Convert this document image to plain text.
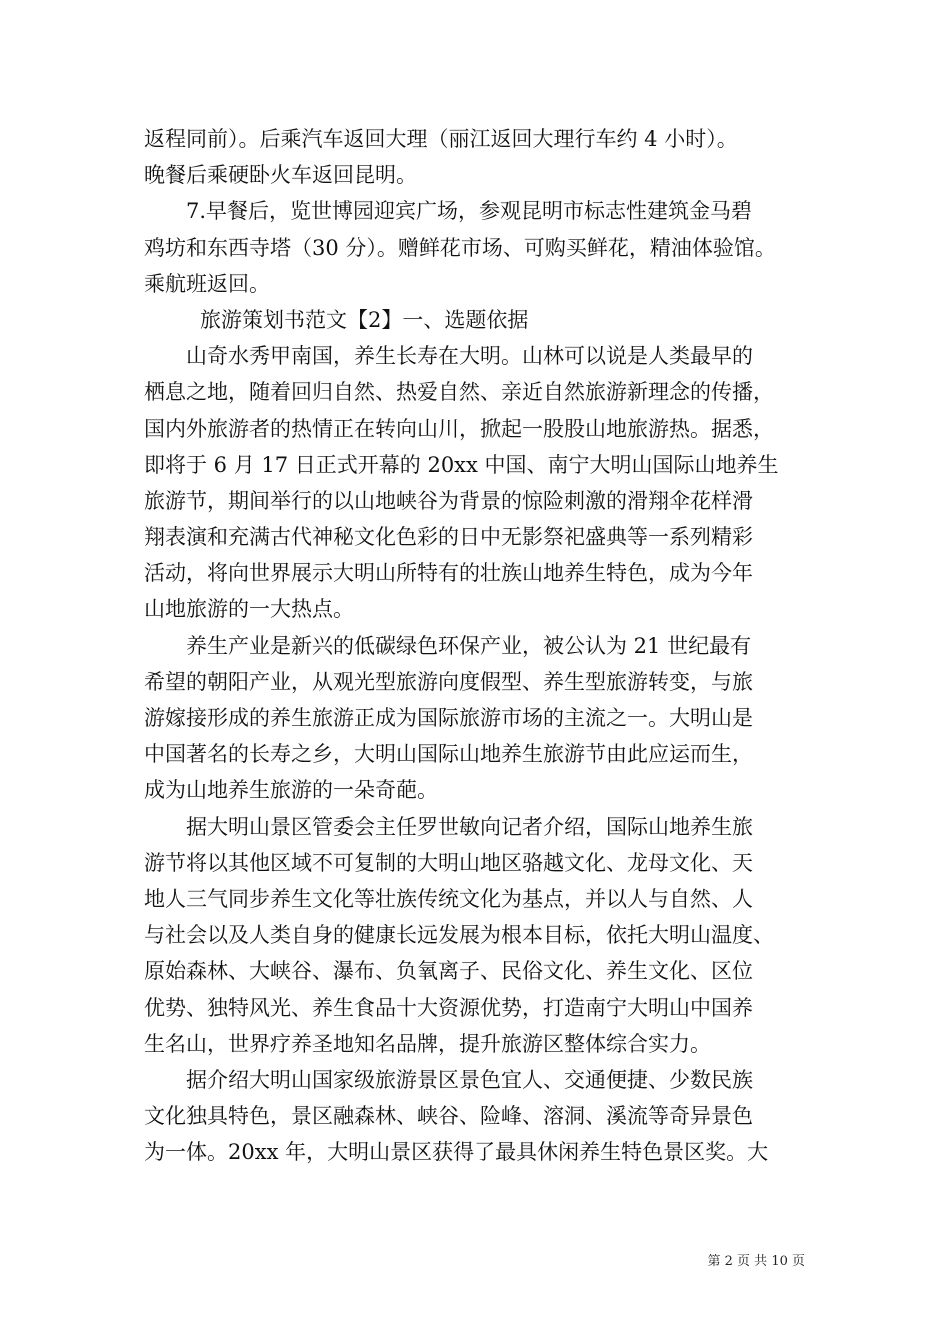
返程同前）。后乘汽车返回大理（丽江返回大理行车约 4 小时）。

晚餐后乘硬卧火车返回昆明。

7.早餐后，览世博园迎宾广场，参观昆明市标志性建筑金马碧

鸡坊和东西寺塔（30 分）。赠鲜花市场、可购买鲜花，精油体验馆。

乘航班返回。

旅游策划书范文【2】一、选题依据

山奇水秀甲南国，养生长寿在大明。山林可以说是人类最早的

栖息之地，随着回归自然、热爱自然、亲近自然旅游新理念的传播，

国内外旅游者的热情正在转向山川，掀起一股股山地旅游热。据悉，

即将于 6 月 17 日正式开幕的 20xx 中国、南宁大明山国际山地养生

旅游节，期间举行的以山地峡谷为背景的惊险刺激的滑翔伞花样滑

翔表演和充满古代神秘文化色彩的日中无影祭祀盛典等一系列精彩

活动，将向世界展示大明山所特有的壮族山地养生特色，成为今年

山地旅游的一大热点。

养生产业是新兴的低碳绿色环保产业，被公认为 21 世纪最有

希望的朝阳产业，从观光型旅游向度假型、养生型旅游转变，与旅

游嫁接形成的养生旅游正成为国际旅游市场的主流之一。大明山是

中国著名的长寿之乡，大明山国际山地养生旅游节由此应运而生，

成为山地养生旅游的一朵奇葩。

据大明山景区管委会主任罗世敏向记者介绍，国际山地养生旅

游节将以其他区域不可复制的大明山地区骆越文化、龙母文化、天

地人三气同步养生文化等壮族传统文化为基点，并以人与自然、人

与社会以及人类自身的健康长远发展为根本目标，依托大明山温度、

原始森林、大峡谷、瀑布、负氧离子、民俗文化、养生文化、区位

优势、独特风光、养生食品十大资源优势，打造南宁大明山中国养

生名山，世界疗养圣地知名品牌，提升旅游区整体综合实力。

据介绍大明山国家级旅游景区景色宜人、交通便捷、少数民族

文化独具特色，景区融森林、峡谷、险峰、溶洞、溪流等奇异景色

为一体。20xx 年，大明山景区获得了最具休闲养生特色景区奖。大

第 2 页 共 10 页
